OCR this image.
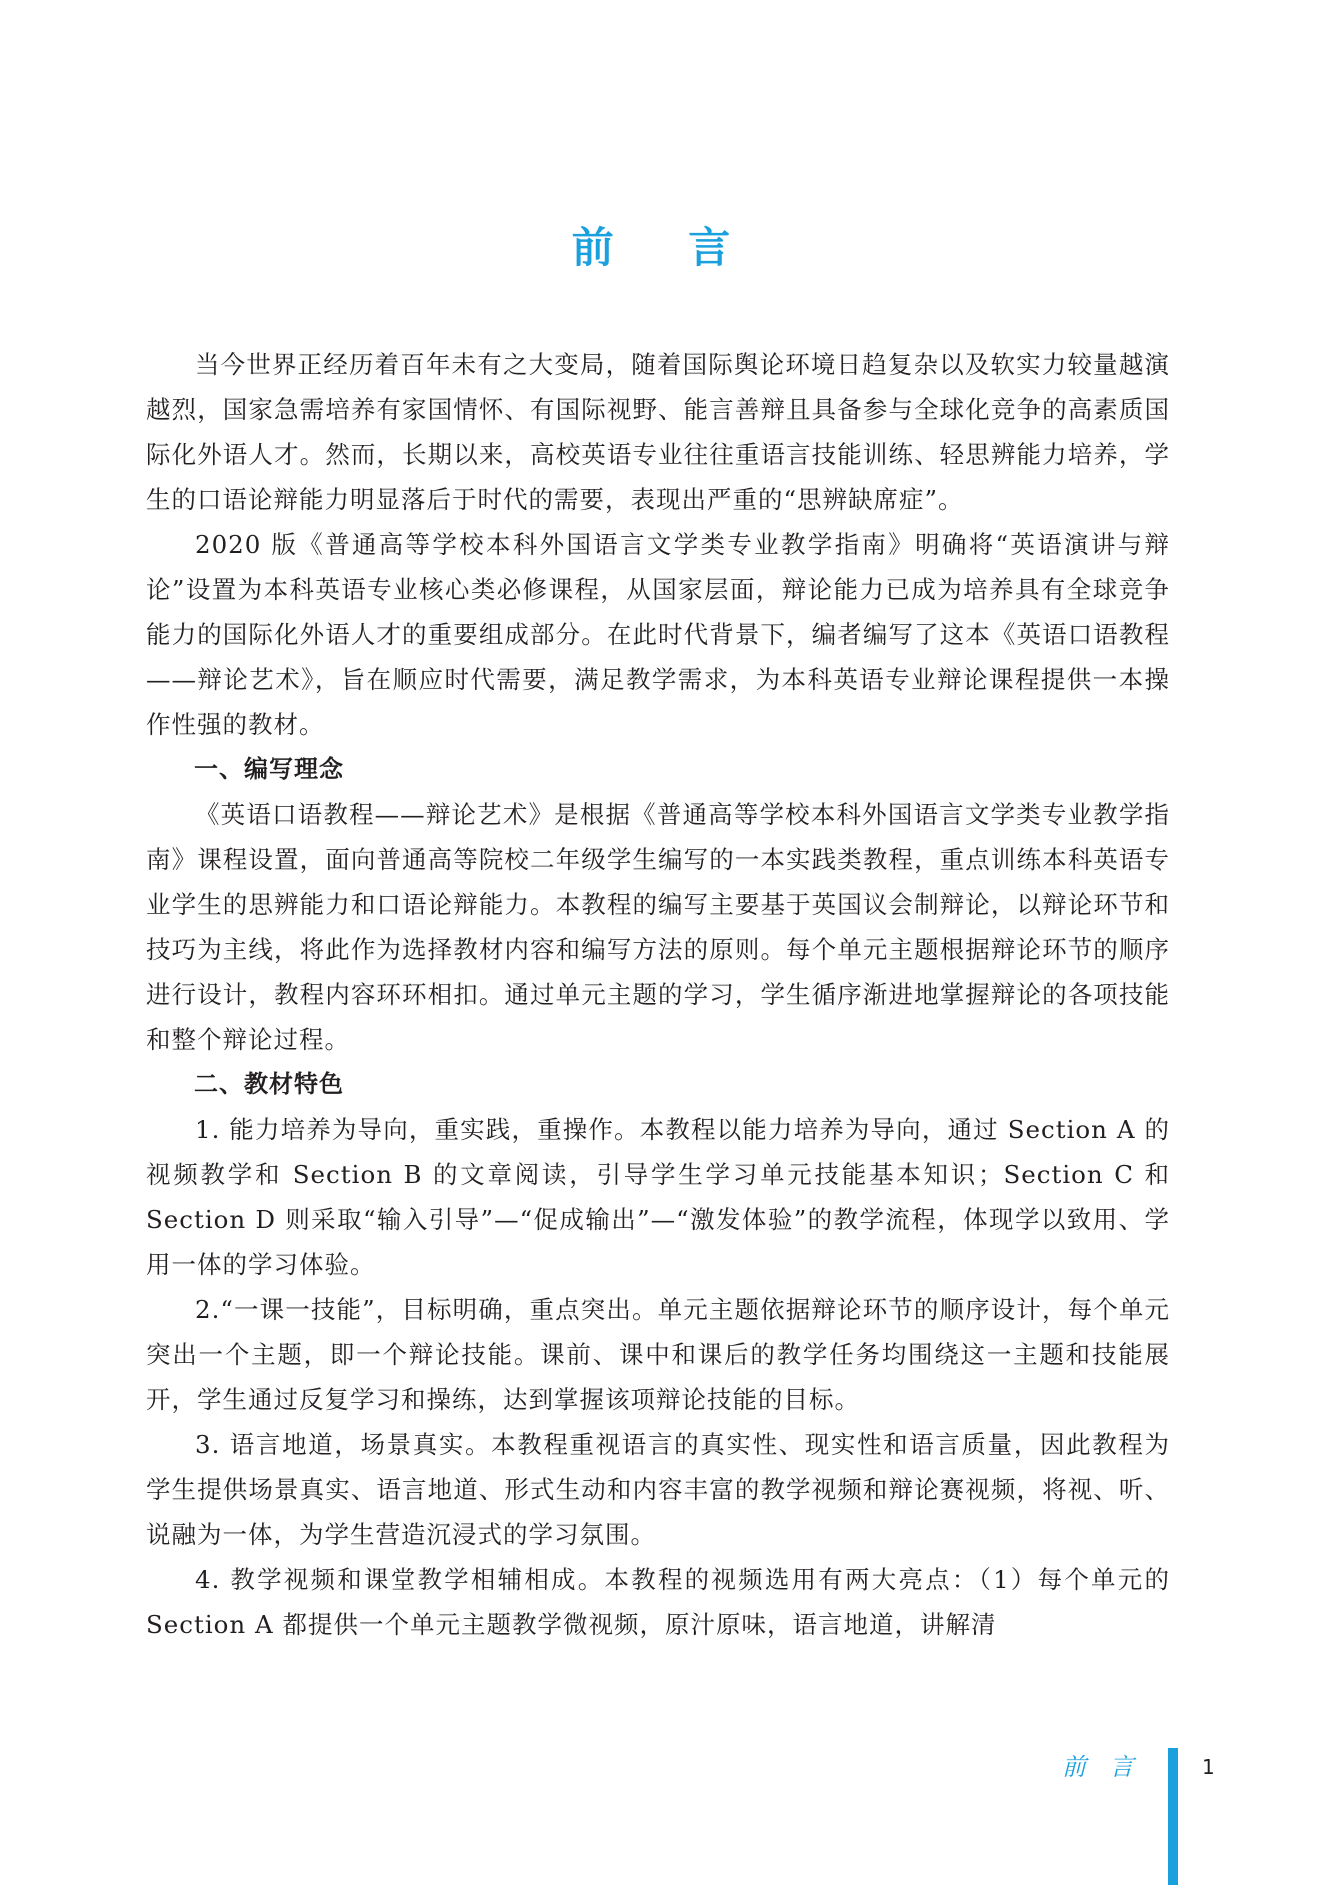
前 言

当今世界正经历着百年未有之大变局，随着国际舆论环境日趋复杂以及软实力较量越演越烈，国家急需培养有家国情怀、有国际视野、能言善辩且具备参与全球化竞争的高素质国际化外语人才。然而，长期以来，高校英语专业往往重语言技能训练、轻思辨能力培养，学生的口语论辩能力明显落后于时代的需要，表现出严重的“思辨缺席症”。

2020 版《普通高等学校本科外国语言文学类专业教学指南》明确将“英语演讲与辩论”设置为本科英语专业核心类必修课程，从国家层面，辩论能力已成为培养具有全球竞争能力的国际化外语人才的重要组成部分。在此时代背景下，编者编写了这本《英语口语教程——辩论艺术》，旨在顺应时代需要，满足教学需求，为本科英语专业辩论课程提供一本操作性强的教材。

一、编写理念

《英语口语教程——辩论艺术》是根据《普通高等学校本科外国语言文学类专业教学指南》课程设置，面向普通高等院校二年级学生编写的一本实践类教程，重点训练本科英语专业学生的思辨能力和口语论辩能力。本教程的编写主要基于英国议会制辩论，以辩论环节和技巧为主线，将此作为选择教材内容和编写方法的原则。每个单元主题根据辩论环节的顺序进行设计，教程内容环环相扣。通过单元主题的学习，学生循序渐进地掌握辩论的各项技能和整个辩论过程。

二、教材特色

1. 能力培养为导向，重实践，重操作。本教程以能力培养为导向，通过 Section A 的视频教学和 Section B 的文章阅读，引导学生学习单元技能基本知识；Section C 和 Section D 则采取“输入引导”—“促成输出”—“激发体验”的教学流程，体现学以致用、学用一体的学习体验。

2.“一课一技能”，目标明确，重点突出。单元主题依据辩论环节的顺序设计，每个单元突出一个主题，即一个辩论技能。课前、课中和课后的教学任务均围绕这一主题和技能展开，学生通过反复学习和操练，达到掌握该项辩论技能的目标。

3. 语言地道，场景真实。本教程重视语言的真实性、现实性和语言质量，因此教程为学生提供场景真实、语言地道、形式生动和内容丰富的教学视频和辩论赛视频，将视、听、说融为一体，为学生营造沉浸式的学习氛围。

4. 教学视频和课堂教学相辅相成。本教程的视频选用有两大亮点：（1）每个单元的 Section A 都提供一个单元主题教学微视频，原汁原味，语言地道，讲解清

前 言	1
